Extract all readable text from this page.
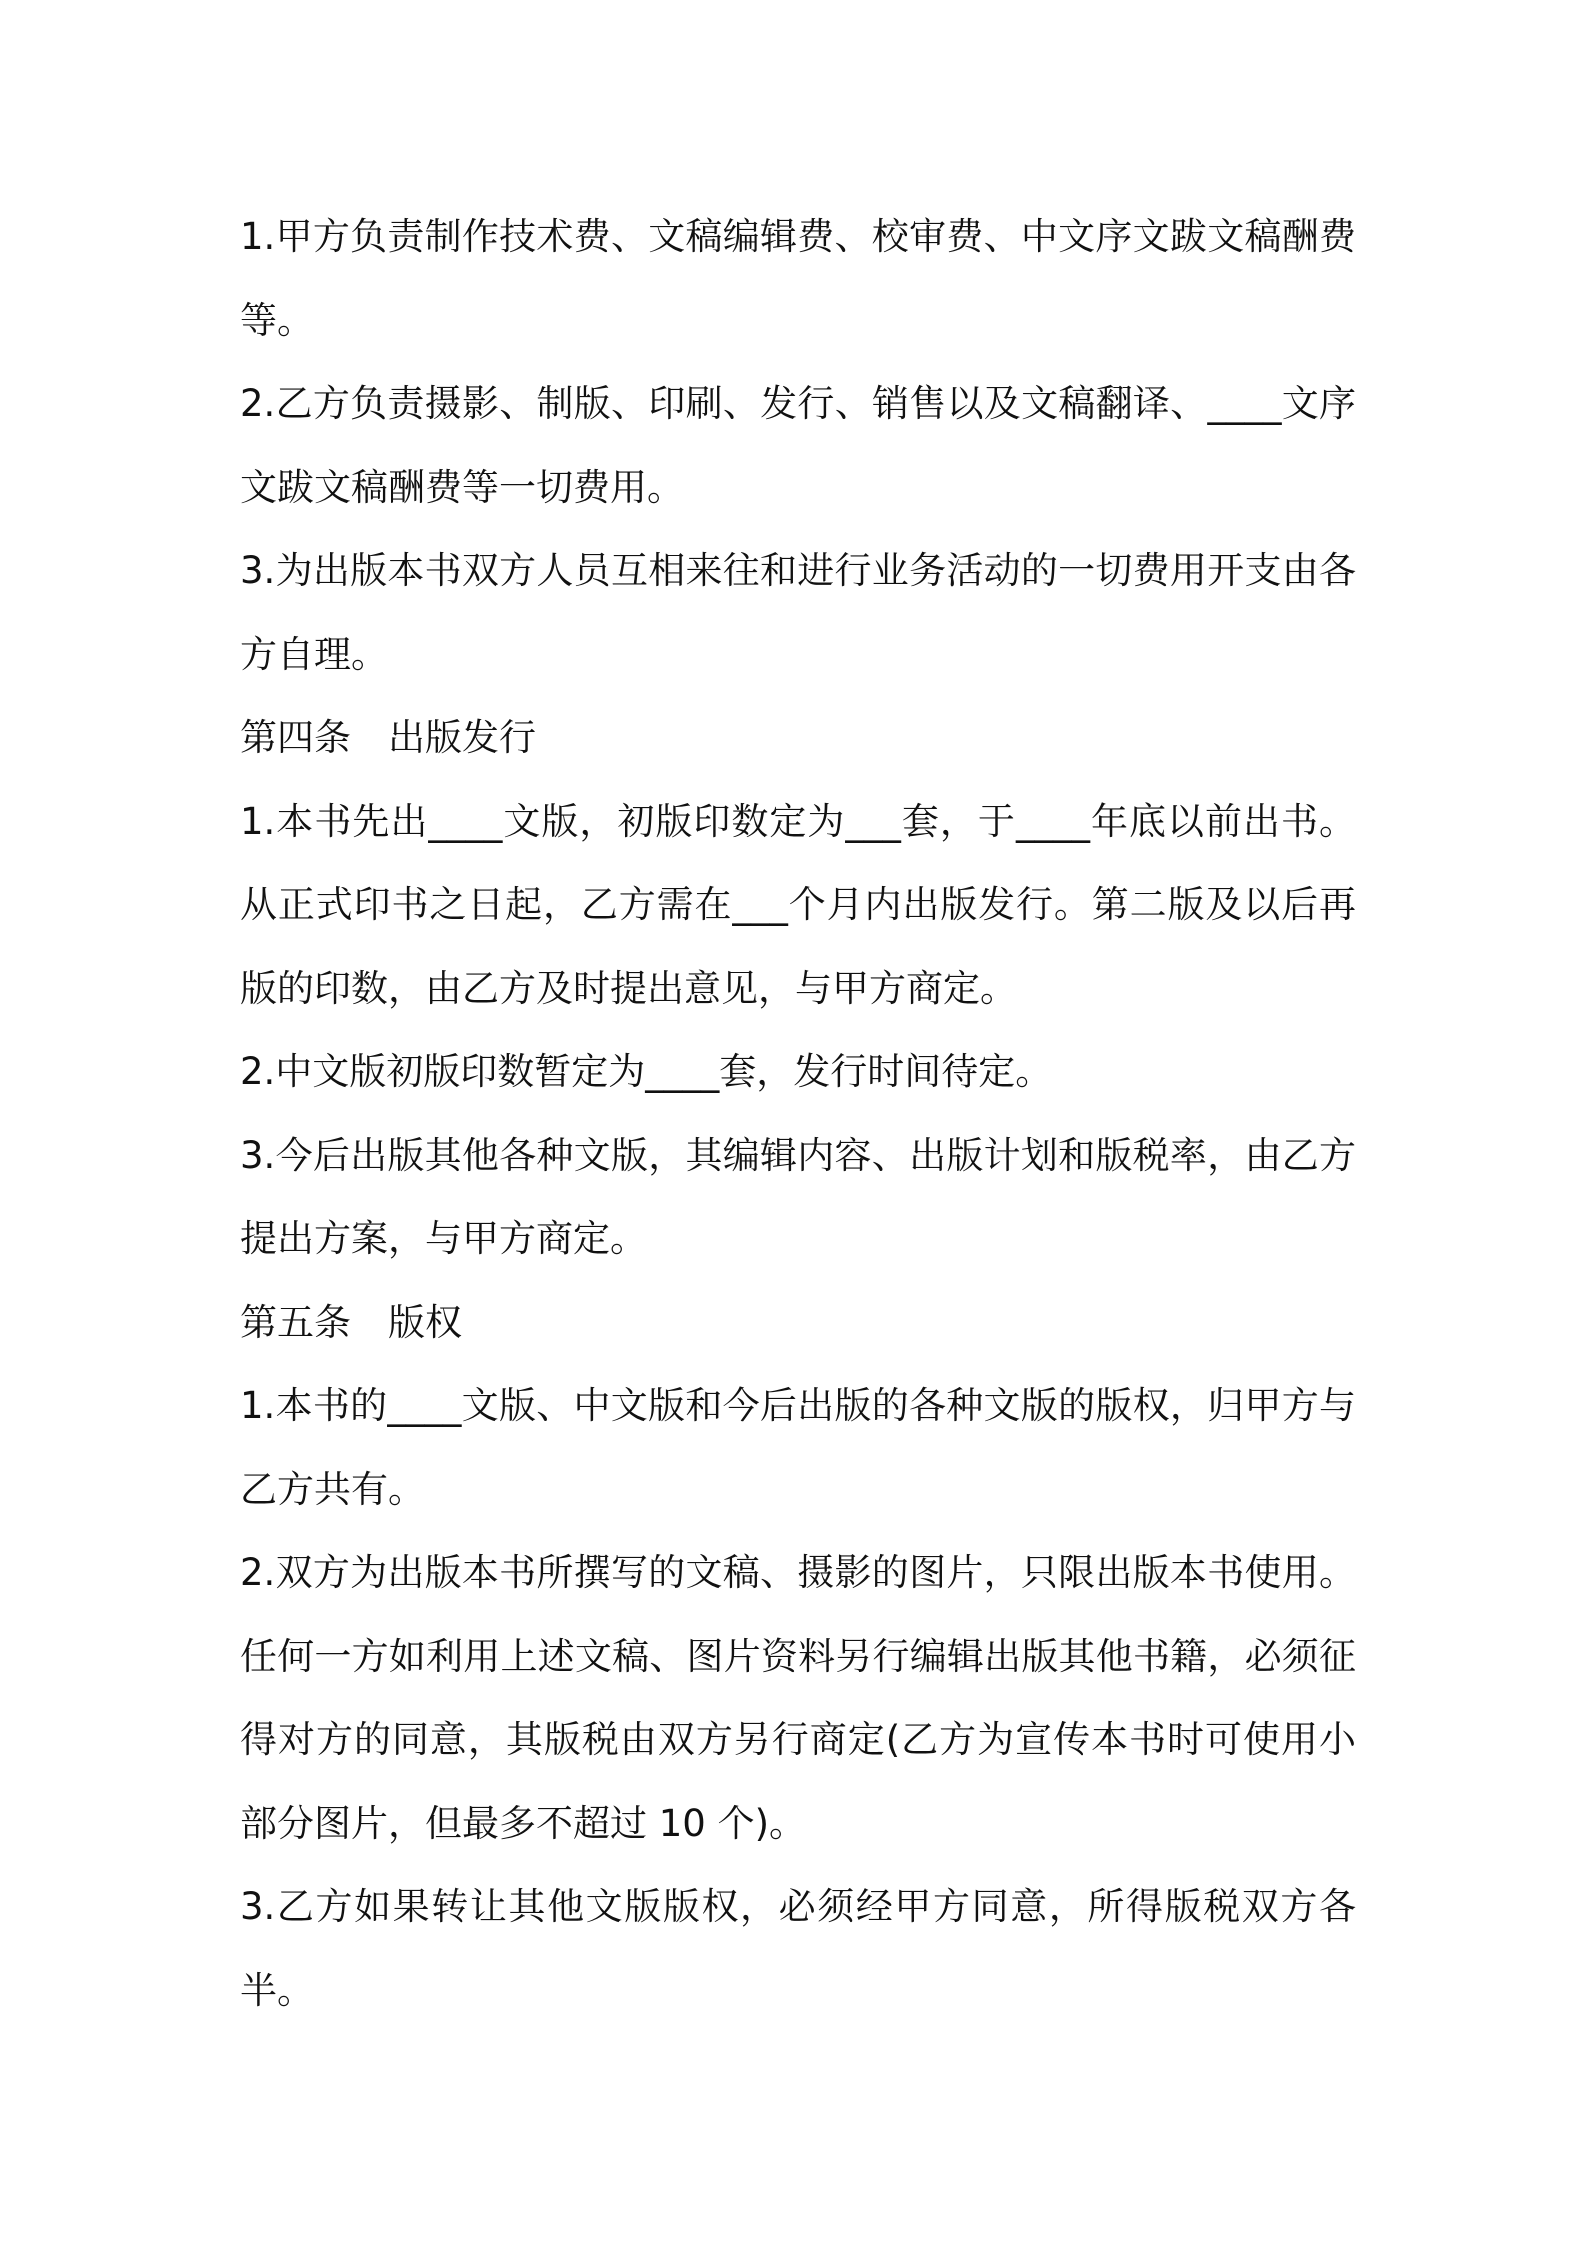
1.甲方负责制作技术费、文稿编辑费、校审费、中文序文跋文稿酬费等。

2.乙方负责摄影、制版、印刷、发行、销售以及文稿翻译、____文序文跋文稿酬费等一切费用。

3.为出版本书双方人员互相来往和进行业务活动的一切费用开支由各方自理。

第四条　出版发行

1.本书先出____文版，初版印数定为___套，于____年底以前出书。从正式印书之日起，乙方需在___个月内出版发行。第二版及以后再版的印数，由乙方及时提出意见，与甲方商定。

2.中文版初版印数暂定为____套，发行时间待定。

3.今后出版其他各种文版，其编辑内容、出版计划和版税率，由乙方提出方案，与甲方商定。

第五条　版权

1.本书的____文版、中文版和今后出版的各种文版的版权，归甲方与乙方共有。

2.双方为出版本书所撰写的文稿、摄影的图片，只限出版本书使用。任何一方如利用上述文稿、图片资料另行编辑出版其他书籍，必须征得对方的同意，其版税由双方另行商定(乙方为宣传本书时可使用小部分图片，但最多不超过 10 个)。

3.乙方如果转让其他文版版权，必须经甲方同意，所得版税双方各半。
